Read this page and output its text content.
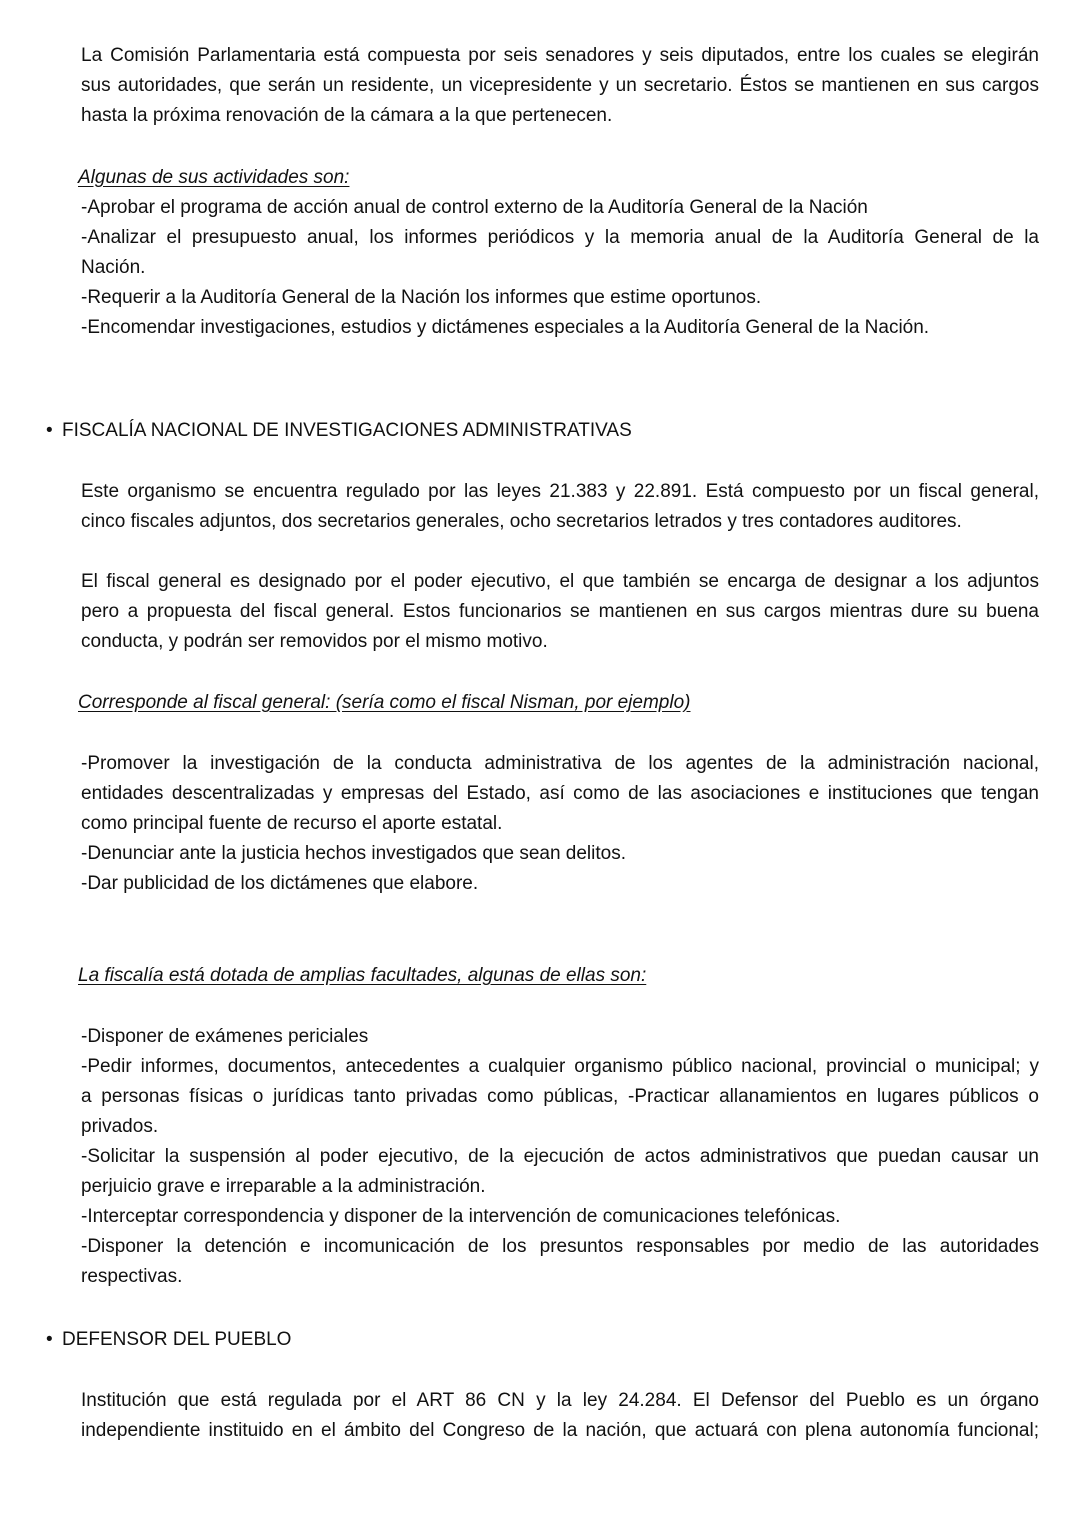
La Comisión Parlamentaria está compuesta por seis senadores y seis diputados, entre los cuales se elegirán
sus autoridades, que serán un residente, un vicepresidente y un secretario. Éstos se mantienen en sus cargos
hasta la próxima renovación de la cámara a la que pertenecen.

Algunas de sus actividades son:

-Aprobar el programa de acción anual de control externo de la Auditoría General de la Nación
-Analizar el presupuesto anual, los informes periódicos y la memoria anual de la Auditoría General de la
Nación.
-Requerir a la Auditoría General de la Nación los informes que estime oportunos.
-Encomendar investigaciones, estudios y dictámenes especiales a la Auditoría General de la Nación.

• FISCALÍA NACIONAL DE INVESTIGACIONES ADMINISTRATIVAS

Este organismo se encuentra regulado por las leyes 21.383 y 22.891. Está compuesto por un fiscal general,
cinco fiscales adjuntos, dos secretarios generales, ocho secretarios letrados y tres contadores auditores.

El fiscal general es designado por el poder ejecutivo, el que también se encarga de designar a los adjuntos
pero a propuesta del fiscal general. Estos funcionarios se mantienen en sus cargos mientras dure su buena
conducta, y podrán ser removidos por el mismo motivo.

Corresponde al fiscal general: (sería como el fiscal Nisman, por ejemplo)

-Promover la investigación de la conducta administrativa de los agentes de la administración nacional,
entidades descentralizadas y empresas del Estado, así como de las asociaciones e instituciones que tengan
como principal fuente de recurso el aporte estatal.
-Denunciar ante la justicia hechos investigados que sean delitos.
-Dar publicidad de los dictámenes que elabore.

La fiscalía está dotada de amplias facultades, algunas de ellas son:

-Disponer de exámenes periciales
-Pedir informes, documentos, antecedentes a cualquier organismo público nacional, provincial o municipal; y
a personas físicas o jurídicas tanto privadas como públicas, -Practicar allanamientos en lugares públicos o
privados.
-Solicitar la suspensión al poder ejecutivo, de la ejecución de actos administrativos que puedan causar un
perjuicio grave e irreparable a la administración.
-Interceptar correspondencia y disponer de la intervención de comunicaciones telefónicas.
-Disponer la detención e incomunicación de los presuntos responsables por medio de las autoridades
respectivas.

• DEFENSOR DEL PUEBLO

Institución que está regulada por el ART 86 CN y la ley 24.284. El Defensor del Pueblo es un órgano
independiente instituido en el ámbito del Congreso de la nación, que actuará con plena autonomía funcional;
